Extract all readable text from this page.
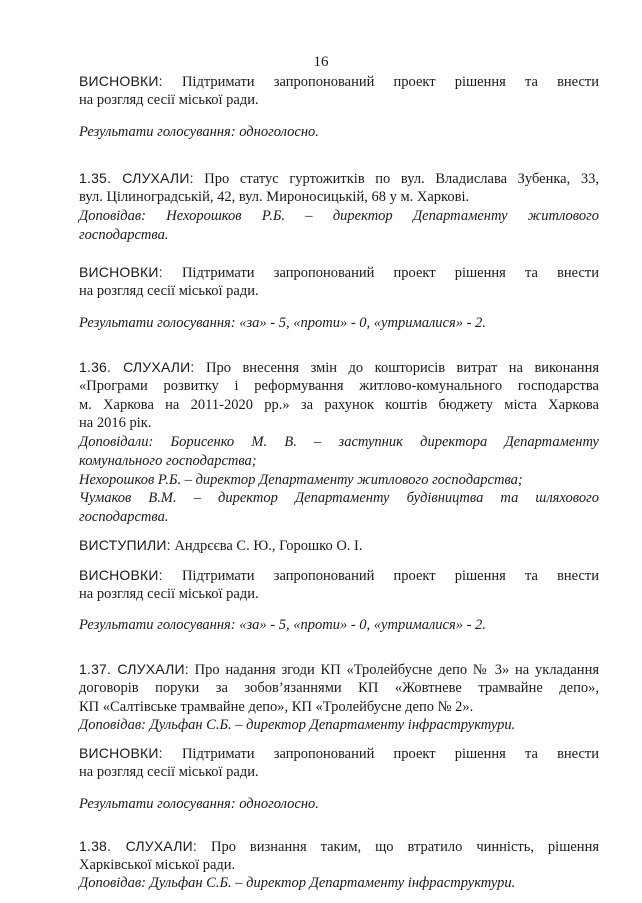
16
ВИСНОВКИ: Підтримати запропонований проект рішення та внести
на розгляд сесії міської ради.
Результати голосування: одноголосно.
1.35. СЛУХАЛИ: Про статус гуртожитків по вул. Владислава Зубенка, 33,
вул. Цілиноградській, 42, вул. Мироносицькій, 68 у м. Харкові.
Доповідав: Нехорошков Р.Б. – директор Департаменту житлового
господарства.
ВИСНОВКИ: Підтримати запропонований проект рішення та внести
на розгляд сесії міської ради.
Результати голосування: «за» - 5, «проти» - 0, «утрималися» - 2.
1.36. СЛУХАЛИ: Про внесення змін до кошторисів витрат на виконання
«Програми розвитку і реформування житлово-комунального господарства
м. Харкова на 2011-2020 рр.» за рахунок коштів бюджету міста Харкова
на 2016 рік.
Доповідали: Борисенко М. В. – заступник директора Департаменту
комунального господарства;
Нехорошков Р.Б. – директор Департаменту житлового господарства;
Чумаков В.М. – директор Департаменту будівництва та шляхового
господарства.
ВИСТУПИЛИ: Андрєєва С. Ю., Горошко О. І.
ВИСНОВКИ: Підтримати запропонований проект рішення та внести
на розгляд сесії міської ради.
Результати голосування: «за» - 5, «проти» - 0, «утрималися» - 2.
1.37. СЛУХАЛИ: Про надання згоди КП «Тролейбусне депо № 3» на укладання
договорів поруки за зобов’язаннями КП «Жовтневе трамвайне депо»,
КП «Салтівське трамвайне депо», КП «Тролейбусне депо № 2».
Доповідав: Дульфан С.Б. – директор Департаменту інфраструктури.
ВИСНОВКИ: Підтримати запропонований проект рішення та внести
на розгляд сесії міської ради.
Результати голосування: одноголосно.
1.38. СЛУХАЛИ: Про визнання таким, що втратило чинність, рішення
Харківської міської ради.
Доповідав: Дульфан С.Б. – директор Департаменту інфраструктури.
